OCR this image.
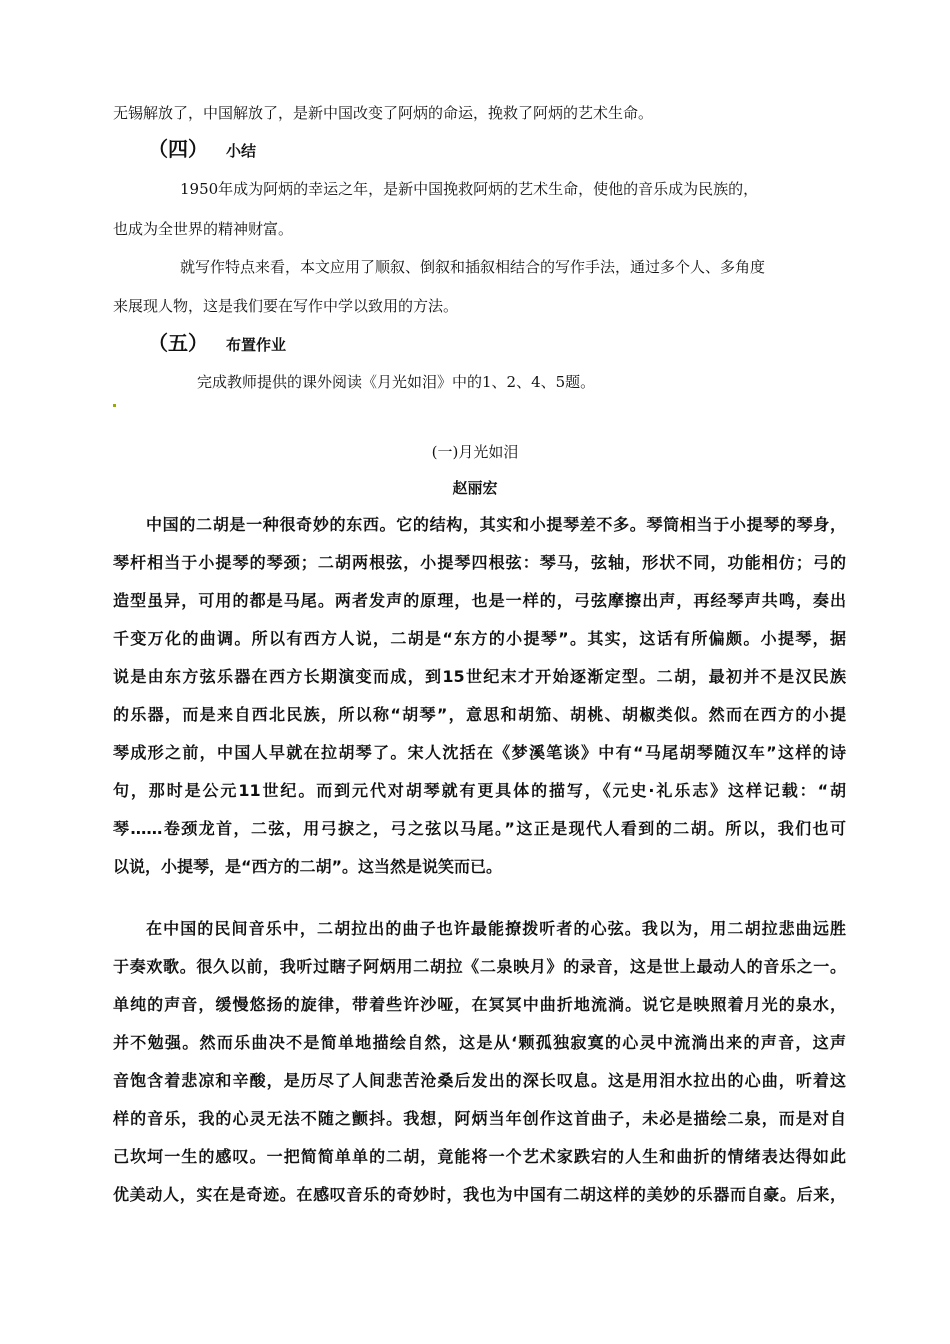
无锡解放了，中国解放了，是新中国改变了阿炳的命运，挽救了阿炳的艺术生命。
（四） 小结
1950年成为阿炳的幸运之年，是新中国挽救阿炳的艺术生命，使他的音乐成为民族的，
也成为全世界的精神财富。
就写作特点来看，本文应用了顺叙、倒叙和插叙相结合的写作手法，通过多个人、多角度
来展现人物，这是我们要在写作中学以致用的方法。
（五） 布置作业
完成教师提供的课外阅读《月光如泪》中的1、2、4、5题。
(一)月光如泪
赵丽宏
中国的二胡是一种很奇妙的东西。它的结构，其实和小提琴差不多。琴筒相当于小提琴的琴身，
琴杆相当于小提琴的琴颈；二胡两根弦，小提琴四根弦：琴马，弦轴，形状不同，功能相仿；弓的
造型虽异，可用的都是马尾。两者发声的原理，也是一样的，弓弦摩擦出声，再经琴声共鸣，奏出
千变万化的曲调。所以有西方人说，二胡是“东方的小提琴”。其实，这话有所偏颇。小提琴，据
说是由东方弦乐器在西方长期演变而成，到15世纪末才开始逐渐定型。二胡，最初并不是汉民族
的乐器，而是来自西北民族，所以称“胡琴”，意思和胡笳、胡桃、胡椒类似。然而在西方的小提
琴成形之前，中国人早就在拉胡琴了。宋人沈括在《梦溪笔谈》中有“马尾胡琴随汉车”这样的诗
句，那时是公元11世纪。而到元代对胡琴就有更具体的描写，《元史·礼乐志》这样记载：“胡
琴……卷颈龙首，二弦，用弓捩之，弓之弦以马尾。”这正是现代人看到的二胡。所以，我们也可
以说，小提琴，是“西方的二胡”。这当然是说笑而已。
在中国的民间音乐中，二胡拉出的曲子也许最能撩拨听者的心弦。我以为，用二胡拉悲曲远胜
于奏欢歌。很久以前，我听过瞎子阿炳用二胡拉《二泉映月》的录音，这是世上最动人的音乐之一。
单纯的声音，缓慢悠扬的旋律，带着些许沙哑，在冥冥中曲折地流淌。说它是映照着月光的泉水，
并不勉强。然而乐曲决不是简单地描绘自然，这是从‘颗孤独寂寞的心灵中流淌出来的声音，这声
音饱含着悲凉和辛酸，是历尽了人间悲苦沧桑后发出的深长叹息。这是用泪水拉出的心曲，听着这
样的音乐，我的心灵无法不随之颤抖。我想，阿炳当年创作这首曲子，未必是描绘二泉，而是对自
己坎坷一生的感叹。一把简简单单的二胡，竟能将一个艺术家跌宕的人生和曲折的情绪表达得如此
优美动人，实在是奇迹。在感叹音乐的奇妙时，我也为中国有二胡这样的美妙的乐器而自豪。后来，
